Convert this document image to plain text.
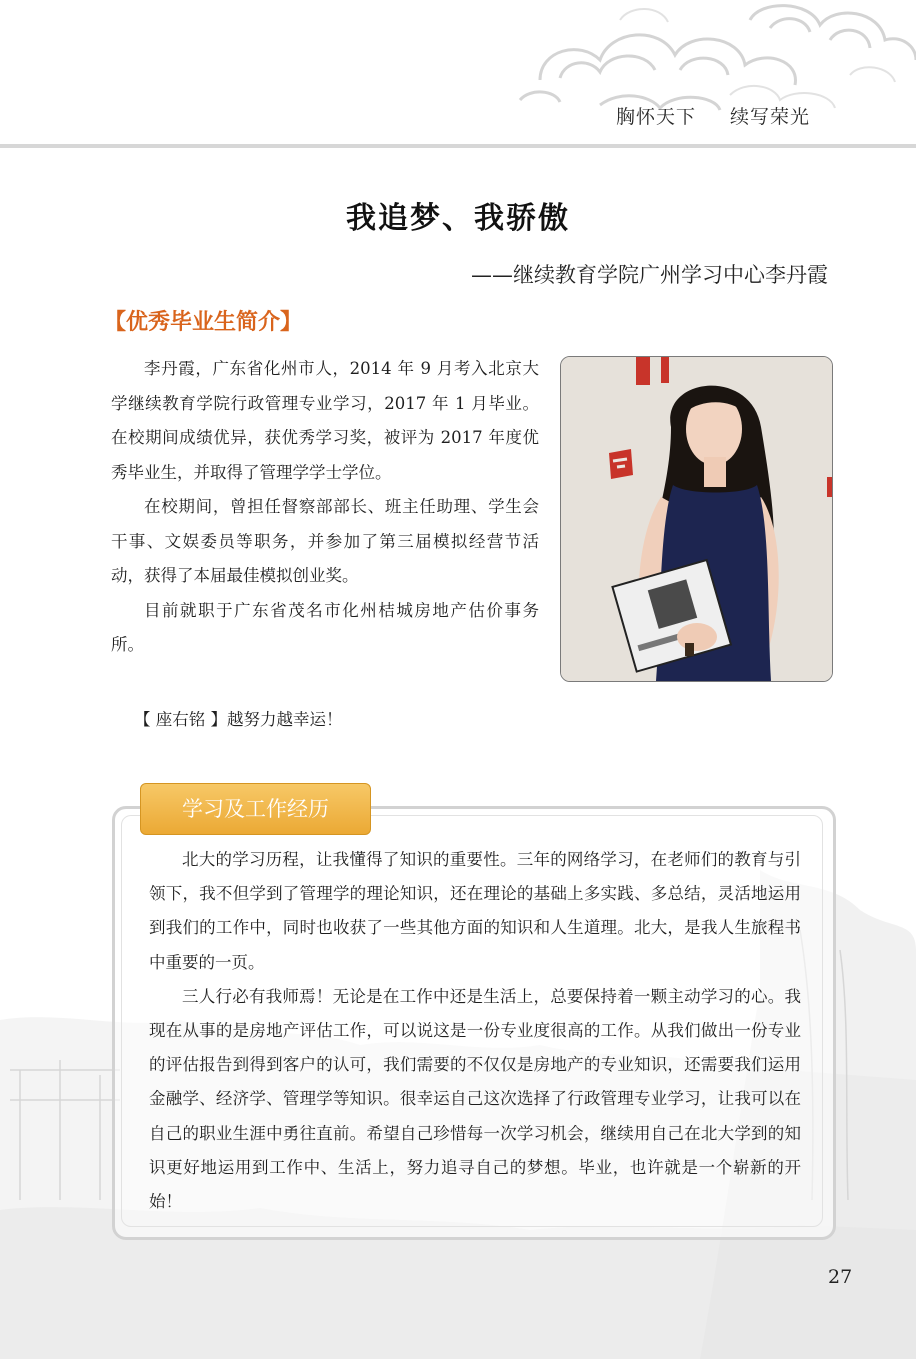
胸怀天下 续写荣光
我追梦、我骄傲
——继续教育学院广州学习中心李丹霞
【优秀毕业生简介】

李丹霞，广东省化州市人，2014 年 9 月考入北京大学继续教育学院行政管理专业学习，2017 年 1 月毕业。在校期间成绩优异，获优秀学习奖，被评为 2017 年度优秀毕业生，并取得了管理学学士学位。

在校期间，曾担任督察部部长、班主任助理、学生会干事、文娱委员等职务，并参加了第三届模拟经营节活动，获得了本届最佳模拟创业奖。

目前就职于广东省茂名市化州桔城房地产估价事务所。

【 座右铭 】越努力越幸运！
学习及工作经历

北大的学习历程，让我懂得了知识的重要性。三年的网络学习，在老师们的教育与引领下，我不但学到了管理学的理论知识，还在理论的基础上多实践、多总结，灵活地运用到我们的工作中，同时也收获了一些其他方面的知识和人生道理。北大，是我人生旅程书中重要的一页。

三人行必有我师焉！无论是在工作中还是生活上，总要保持着一颗主动学习的心。我现在从事的是房地产评估工作，可以说这是一份专业度很高的工作。从我们做出一份专业的评估报告到得到客户的认可，我们需要的不仅仅是房地产的专业知识，还需要我们运用金融学、经济学、管理学等知识。很幸运自己这次选择了行政管理专业学习，让我可以在自己的职业生涯中勇往直前。希望自己珍惜每一次学习机会，继续用自己在北大学到的知识更好地运用到工作中、生活上，努力追寻自己的梦想。毕业，也许就是一个崭新的开始！

27
